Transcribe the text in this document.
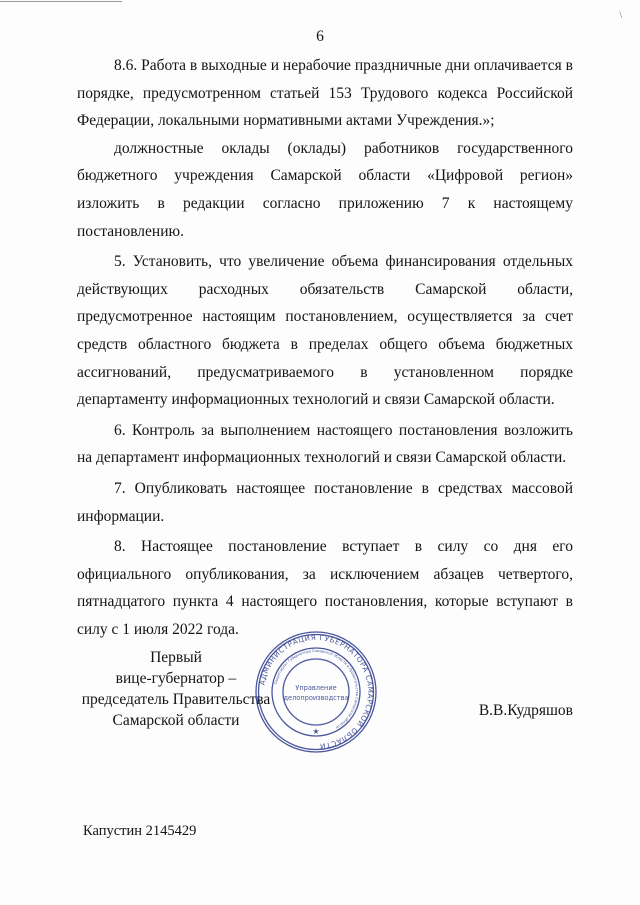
\
6

8.6. Работа в выходные и нерабочие праздничные дни оплачивается в порядке, предусмотренном статьей 153 Трудового кодекса Российской Федерации, локальными нормативными актами Учреждения.»;

должностные оклады (оклады) работников государственного бюджетного учреждения Самарской области «Цифровой регион» изложить в редакции согласно приложению 7 к настоящему постановлению.

5. Установить, что увеличение объема финансирования отдельных действующих расходных обязательств Самарской области, предусмотренное настоящим постановлением, осуществляется за счет средств областного бюджета в пределах общего объема бюджетных ассигнований, предусматриваемого в установленном порядке департаменту информационных технологий и связи Самарской области.

6. Контроль за выполнением настоящего постановления возложить на департамент информационных технологий и связи Самарской области.

7. Опубликовать настоящее постановление в средствах массовой информации.

8. Настоящее постановление вступает в силу со дня его официального опубликования, за исключением абзацев четвертого, пятнадцатого пункта 4 настоящего постановления, которые вступают в силу с 1 июля 2022 года.

Первый
вице-губернатор –
председатель Правительства
Самарской области
В.В.Кудряшов
АДМИНИСТРАЦИЯ ГУБЕРНАТОРА САМАРСКОЙ ОБЛАСТИ
Секретариат Губернатора Самарской области и Правительства Самарской области
Управление
делопроизводства
★
Капустин 2145429
